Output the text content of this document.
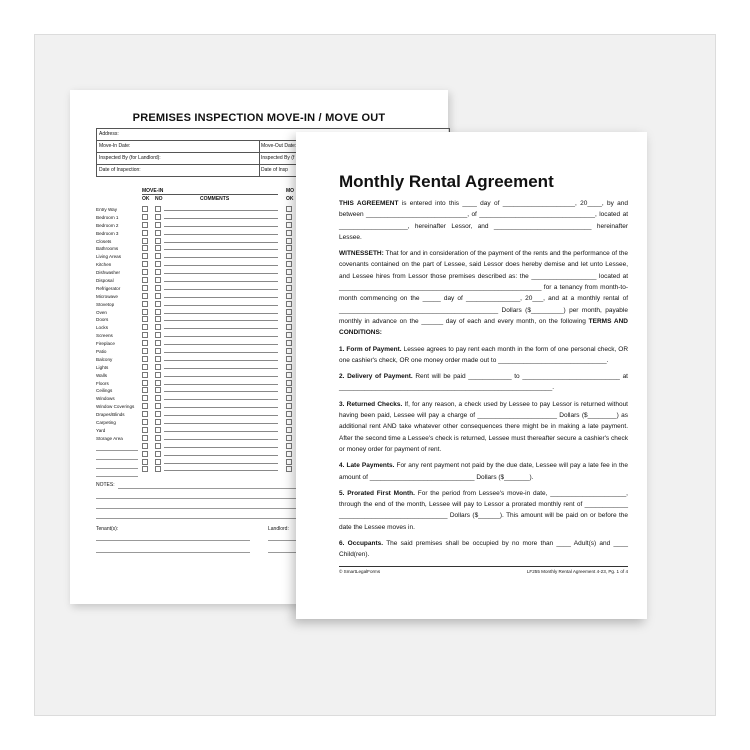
PREMISES INSPECTION MOVE-IN / MOVE OUT
Address:
Move-In Date:	Move-Out Date:
Inspected By (for Landlord):	Inspected By (f
Date of Inspection:	Date of Insp
MOVE-IN	MO
OK NO	COMMENTS	OK
Entry Way
Bedroom 1
Bedroom 2
Bedroom 3
Closets
Bathrooms
Living Areas
Kitchen
Dishwasher
Disposal
Refrigerator
Microwave
Stovetop
Oven
Doors
Locks
Screens
Fireplace
Patio
Balcony
Lights
Walls
Floors
Ceilings
Windows
Window Coverings
Drapes/Blinds
Carpeting
Yard
Storage Area
NOTES:
Tenant(s):	Landlord:
Monthly Rental Agreement

THIS AGREEMENT is entered into this ____ day of ____________________, 20____, by and between ____________________________, of ________________________________, located at ___________________, hereinafter Lessor, and ___________________________ hereinafter Lessee.

WITNESSETH: That for and in consideration of the payment of the rents and the performance of the covenants contained on the part of Lessee, said Lessor does hereby demise and let unto Lessee, and Lessee hires from Lessor those premises described as: the __________________ located at ________________________________________________________ for a tenancy from month-to-month commencing on the _____ day of _______________, 20___, and at a monthly rental of ____________________________________________ Dollars ($_________) per month, payable monthly in advance on the ______ day of each and every month, on the following TERMS AND CONDITIONS:

1. Form of Payment. Lessee agrees to pay rent each month in the form of one personal check, OR one cashier's check, OR one money order made out to ______________________________.

2. Delivery of Payment. Rent will be paid ____________ to ___________________________ at ___________________________________________________________.

3. Returned Checks. If, for any reason, a check used by Lessee to pay Lessor is returned without having been paid, Lessee will pay a charge of ______________________ Dollars ($________) as additional rent AND take whatever other consequences there might be in making a late payment. After the second time a Lessee's check is returned, Lessee must thereafter secure a cashier's check or money order for payment of rent.

4. Late Payments. For any rent payment not paid by the due date, Lessee will pay a late fee in the amount of _____________________________ Dollars ($_______).

5. Prorated First Month. For the period from Lessee's move-in date, _____________________, through the end of the month, Lessee will pay to Lessor a prorated monthly rent of ____________ ______________________________ Dollars ($______). This amount will be paid on or before the date the Lessee moves in.

6. Occupants. The said premises shall be occupied by no more than ____ Adult(s) and ____ Child(ren).

© SmartLegalForms	LF255 Monthly Rental Agreement 4-23, Pg. 1 of 4
